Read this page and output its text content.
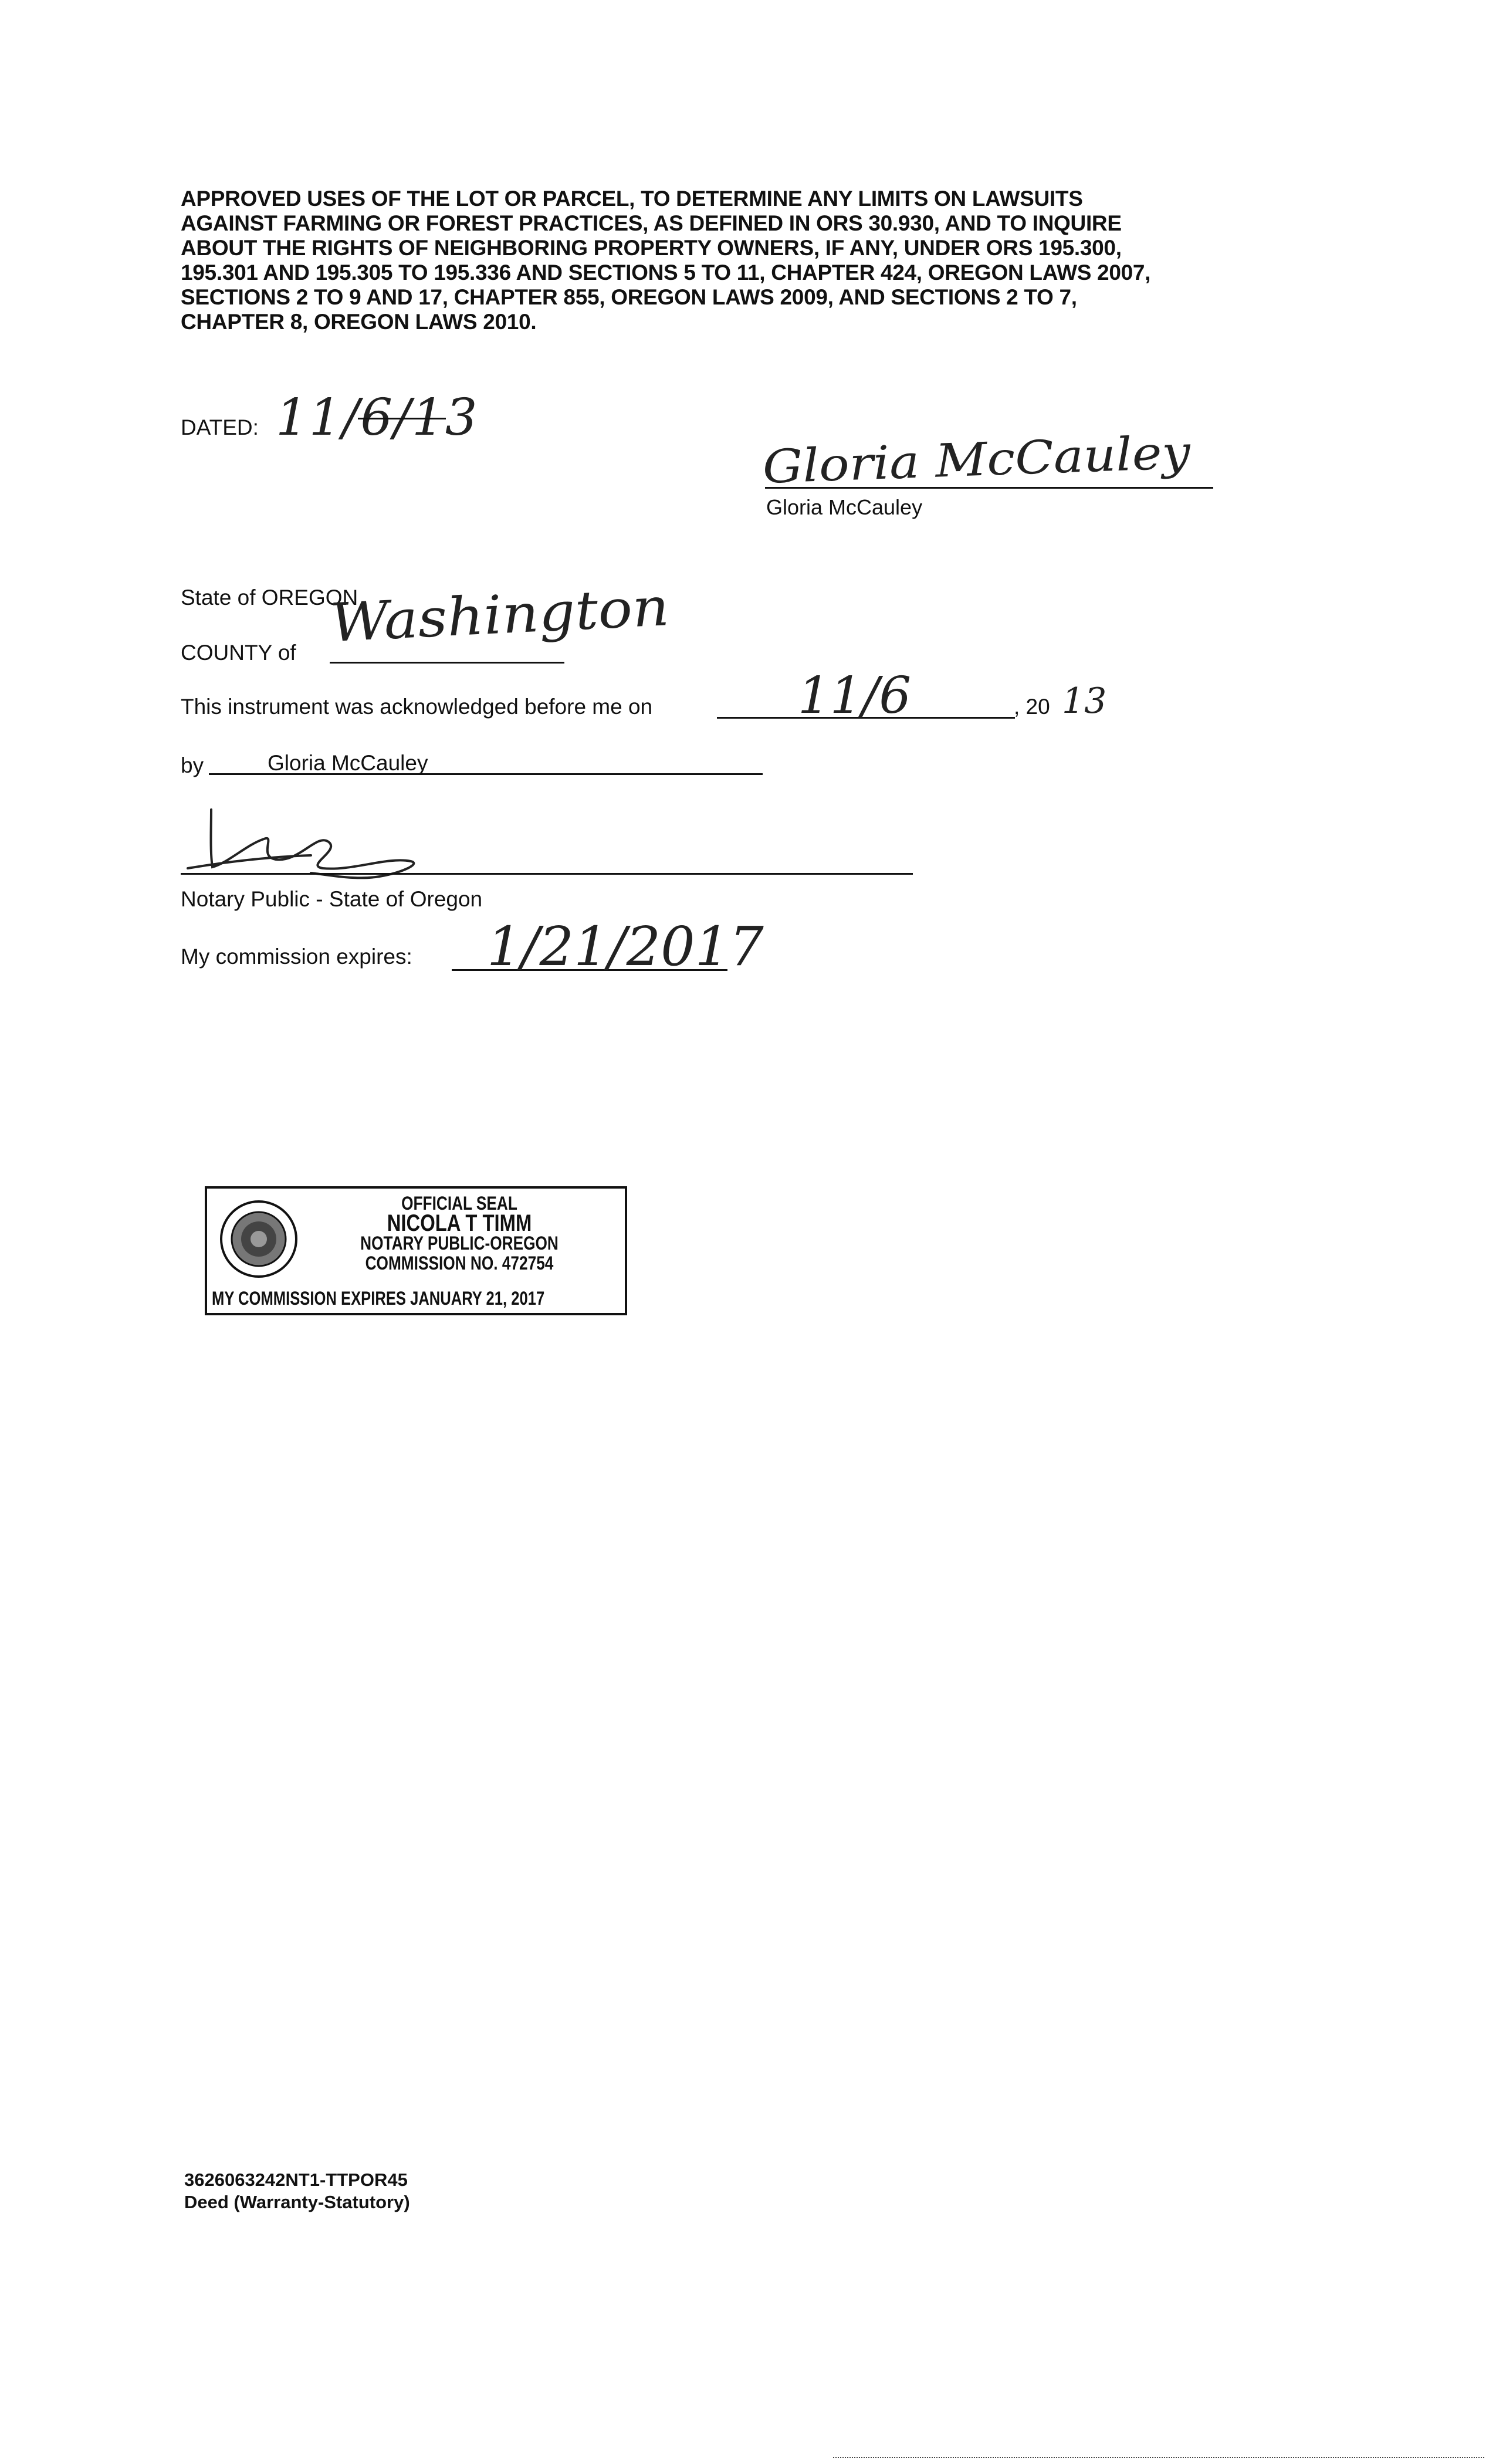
APPROVED USES OF THE LOT OR PARCEL, TO DETERMINE ANY LIMITS ON LAWSUITS
AGAINST FARMING OR FOREST PRACTICES, AS DEFINED IN ORS 30.930, AND TO INQUIRE
ABOUT THE RIGHTS OF NEIGHBORING PROPERTY OWNERS, IF ANY, UNDER ORS 195.300,
195.301 AND 195.305 TO 195.336 AND SECTIONS 5 TO 11, CHAPTER 424, OREGON LAWS 2007,
SECTIONS 2 TO 9 AND 17, CHAPTER 855, OREGON LAWS 2009, AND SECTIONS 2 TO 7,
CHAPTER 8, OREGON LAWS 2010.
DATED: 11/6/13
Gloria McCauley
Gloria McCauley
State of OREGON
COUNTY of Washington
This instrument was acknowledged before me on	11/6	, 20 13
by	Gloria McCauley
Notary Public - State of Oregon
My commission expires: 1/21/2017
OFFICIAL SEAL
NICOLA T TIMM
NOTARY PUBLIC-OREGON
COMMISSION NO. 472754
MY COMMISSION EXPIRES JANUARY 21, 2017
3626063242NT1-TTPOR45
Deed (Warranty-Statutory)
